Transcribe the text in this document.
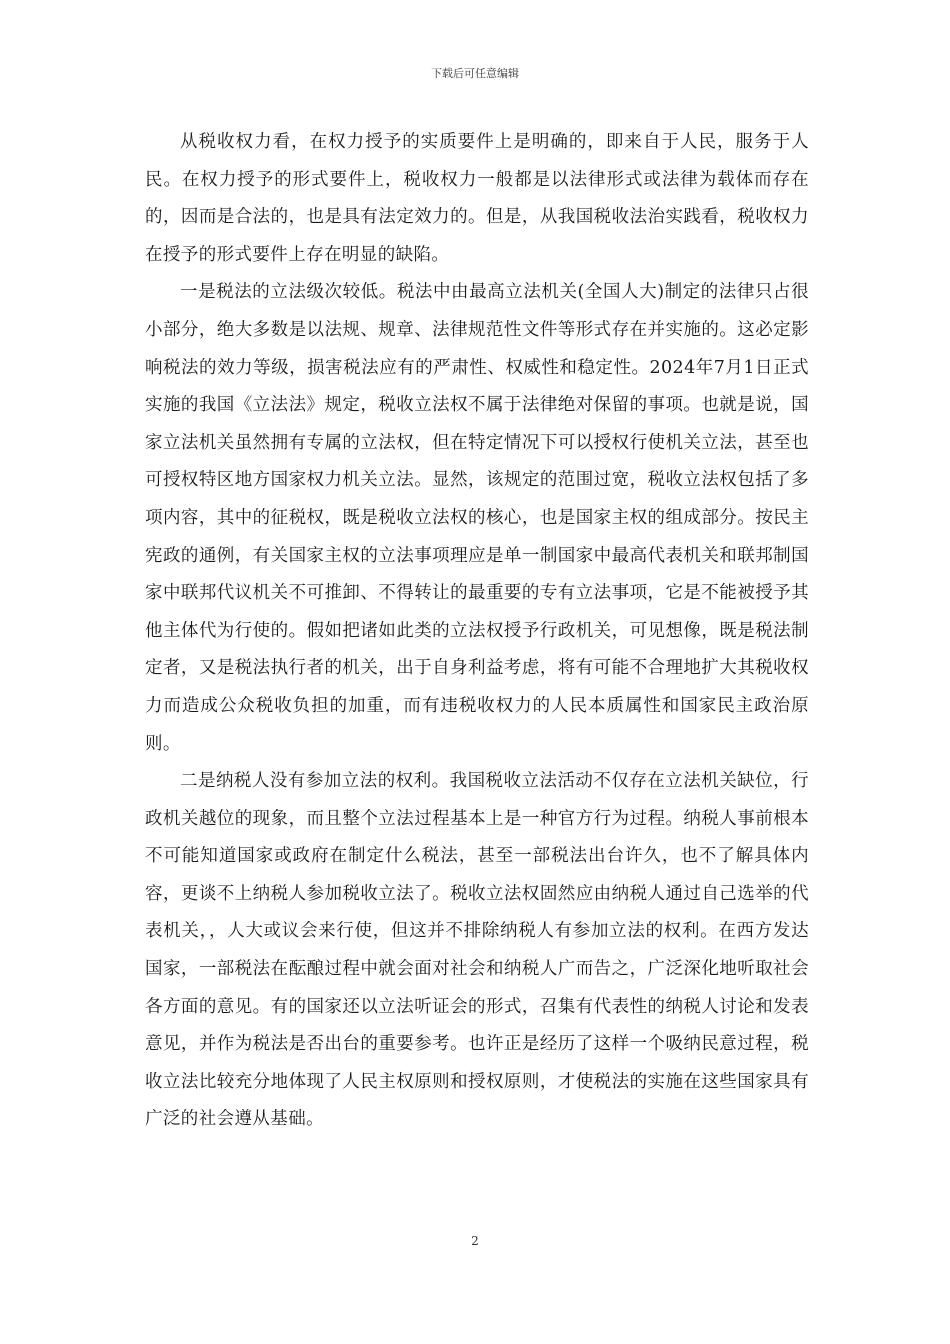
下载后可任意编辑

从税收权力看，在权力授予的实质要件上是明确的，即来自于人民，服务于人民。在权力授予的形式要件上，税收权力一般都是以法律形式或法律为载体而存在的，因而是合法的，也是具有法定效力的。但是，从我国税收法治实践看，税收权力在授予的形式要件上存在明显的缺陷。

一是税法的立法级次较低。税法中由最高立法机关(全国人大)制定的法律只占很小部分，绝大多数是以法规、规章、法律规范性文件等形式存在并实施的。这必定影响税法的效力等级，损害税法应有的严肃性、权威性和稳定性。2024年7月1日正式实施的我国《立法法》规定，税收立法权不属于法律绝对保留的事项。也就是说，国家立法机关虽然拥有专属的立法权，但在特定情况下可以授权行使机关立法，甚至也可授权特区地方国家权力机关立法。显然，该规定的范围过宽，税收立法权包括了多项内容，其中的征税权，既是税收立法权的核心，也是国家主权的组成部分。按民主宪政的通例，有关国家主权的立法事项理应是单一制国家中最高代表机关和联邦制国家中联邦代议机关不可推卸、不得转让的最重要的专有立法事项，它是不能被授予其他主体代为行使的。假如把诸如此类的立法权授予行政机关，可见想像，既是税法制定者，又是税法执行者的机关，出于自身利益考虑，将有可能不合理地扩大其税收权力而造成公众税收负担的加重，而有违税收权力的人民本质属性和国家民主政治原则。

二是纳税人没有参加立法的权利。我国税收立法活动不仅存在立法机关缺位，行政机关越位的现象，而且整个立法过程基本上是一种官方行为过程。纳税人事前根本不可能知道国家或政府在制定什么税法，甚至一部税法出台许久，也不了解具体内容，更谈不上纳税人参加税收立法了。税收立法权固然应由纳税人通过自己选举的代表机关，，人大或议会来行使，但这并不排除纳税人有参加立法的权利。在西方发达国家，一部税法在酝酿过程中就会面对社会和纳税人广而告之，广泛深化地听取社会各方面的意见。有的国家还以立法听证会的形式，召集有代表性的纳税人讨论和发表意见，并作为税法是否出台的重要参考。也许正是经历了这样一个吸纳民意过程，税收立法比较充分地体现了人民主权原则和授权原则，才使税法的实施在这些国家具有广泛的社会遵从基础。

2
